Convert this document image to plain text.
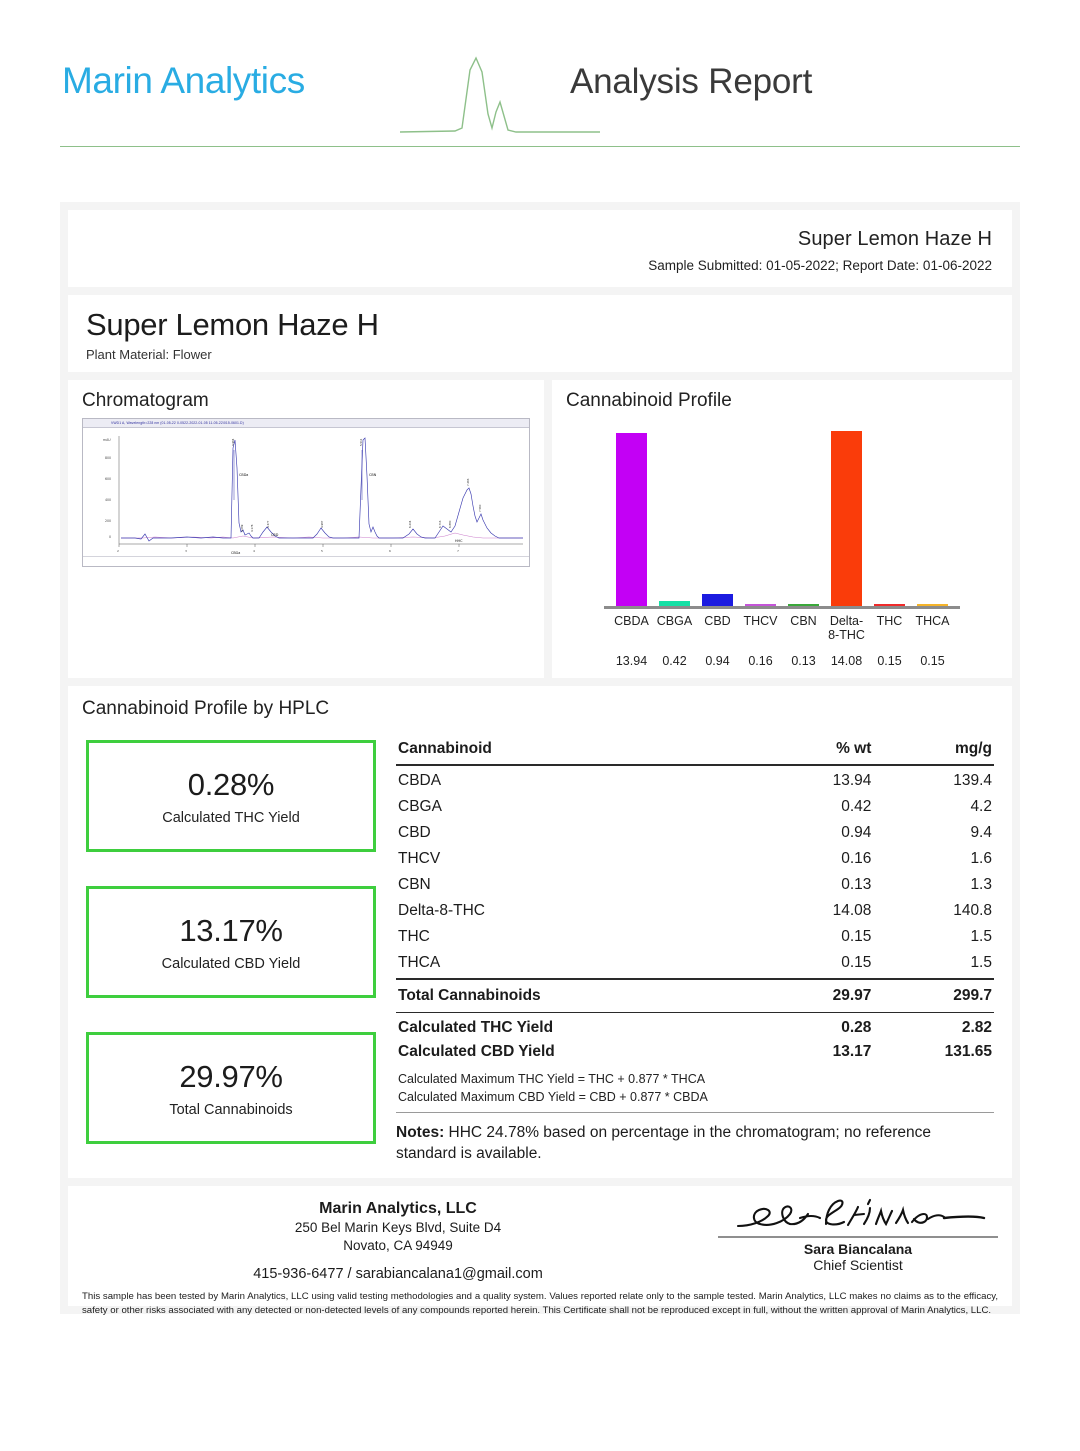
Marin Analytics	Analysis Report
Super Lemon Haze H
Sample Submitted: 01-05-2022; Report Date: 01-06-2022
Super Lemon Haze H
Plant Material: Flower
Chromatogram
VWD1 A, Wavelength=228 nm (01-05-22 0-0522-2022-01-05 11-05-22\015-0601.D)
mAU
800
600
400
200
0
2	3	4	5	6	7
CBDa	CBN
CBD
CBGa
HHC
3.964
4.089	4.176
4.377	4.987
5.511
6.204	6.713	6.880
7.263
7.560
Cannabinoid Profile
CBDA CBGA CBD	THCV	CBN	Delta-
8-THC
THC	THCA
13.94	0.42	0.94	0.16	0.13	14.08	0.15	0.15
Cannabinoid Profile by HPLC
0.28%
Calculated THC Yield
13.17%
Calculated CBD Yield
29.97%
Total Cannabinoids
Cannabinoid	% wt	mg/g
CBDA	13.94	139.4
CBGA	0.42	4.2
CBD	0.94	9.4
THCV	0.16	1.6
CBN	0.13	1.3
Delta-8-THC	14.08	140.8
THC	0.15	1.5
THCA	0.15	1.5
Total Cannabinoids	29.97	299.7
Calculated THC Yield	0.28	2.82
Calculated CBD Yield	13.17	131.65
Calculated Maximum THC Yield = THC + 0.877 * THCA
Calculated Maximum CBD Yield = CBD + 0.877 * CBDA
Notes: HHC 24.78% based on percentage in the chromatogram; no reference standard is available.
Marin Analytics, LLC
250 Bel Marin Keys Blvd, Suite D4
Novato, CA 94949
415-936-6477 / sarabiancalana1@gmail.com
Sara Biancalana
Chief Scientist
This sample has been tested by Marin Analytics, LLC using valid testing methodologies and a quality system. Values reported relate only to the sample tested. Marin Analytics, LLC makes no claims as to the efficacy, safety or other risks associated with any detected or non-detected levels of any compounds reported herein. This Certificate shall not be reproduced except in full, without the written approval of Marin Analytics, LLC.
